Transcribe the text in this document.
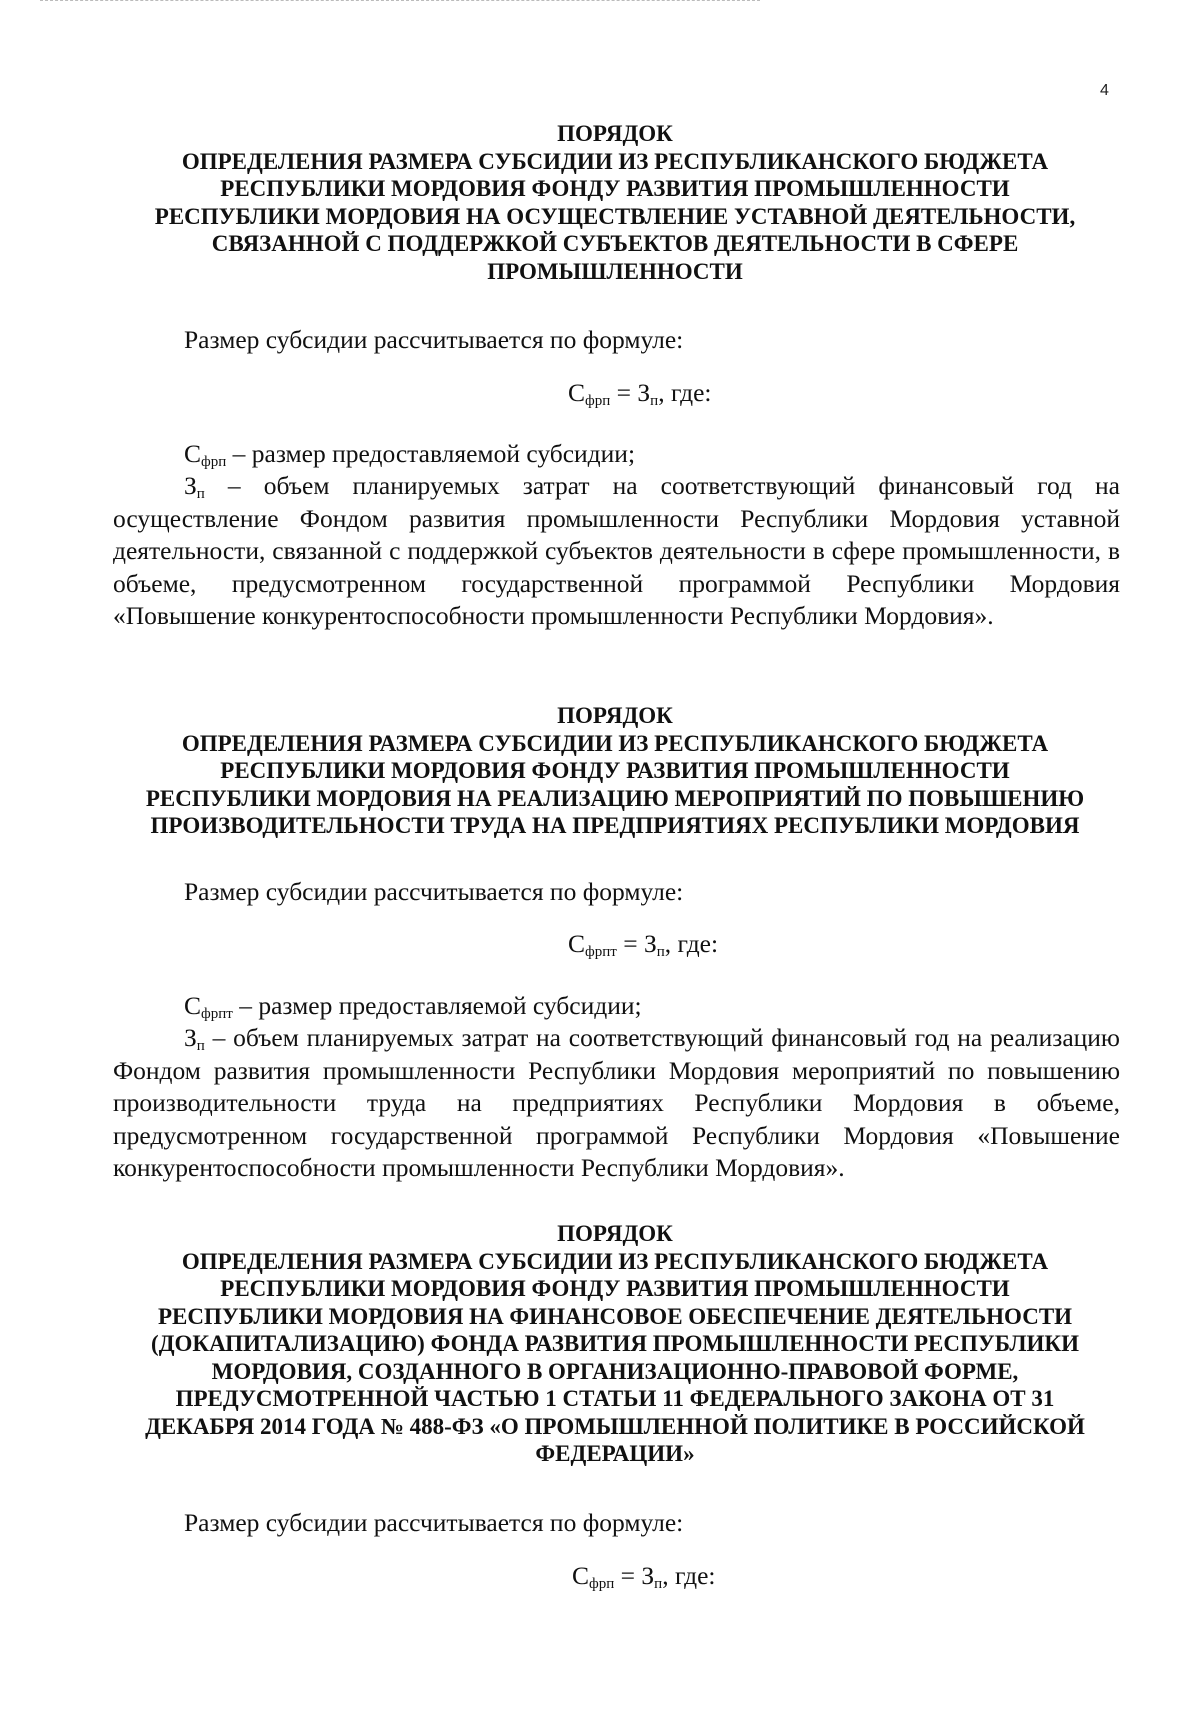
4
ПОРЯДОК
ОПРЕДЕЛЕНИЯ РАЗМЕРА СУБСИДИИ ИЗ РЕСПУБЛИКАНСКОГО БЮДЖЕТА
РЕСПУБЛИКИ МОРДОВИЯ ФОНДУ РАЗВИТИЯ ПРОМЫШЛЕННОСТИ
РЕСПУБЛИКИ МОРДОВИЯ НА ОСУЩЕСТВЛЕНИЕ УСТАВНОЙ ДЕЯТЕЛЬНОСТИ,
СВЯЗАННОЙ С ПОДДЕРЖКОЙ СУБЪЕКТОВ ДЕЯТЕЛЬНОСТИ В СФЕРЕ
ПРОМЫШЛЕННОСТИ

Размер субсидии рассчитывается по формуле:

$С_{фрп} = З_п$, где:

$С_{фрп}$ – размер предоставляемой субсидии;

$З_п$ – объем планируемых затрат на соответствующий финансовый год на осуществление Фондом развития промышленности Республики Мордовия уставной деятельности, связанной с поддержкой субъектов деятельности в сфере промышленности, в объеме, предусмотренном государственной программой Республики Мордовия «Повышение конкурентоспособности промышленности Республики Мордовия».

ПОРЯДОК
ОПРЕДЕЛЕНИЯ РАЗМЕРА СУБСИДИИ ИЗ РЕСПУБЛИКАНСКОГО БЮДЖЕТА
РЕСПУБЛИКИ МОРДОВИЯ ФОНДУ РАЗВИТИЯ ПРОМЫШЛЕННОСТИ
РЕСПУБЛИКИ МОРДОВИЯ НА РЕАЛИЗАЦИЮ МЕРОПРИЯТИЙ ПО ПОВЫШЕНИЮ
ПРОИЗВОДИТЕЛЬНОСТИ ТРУДА НА ПРЕДПРИЯТИЯХ РЕСПУБЛИКИ МОРДОВИЯ

Размер субсидии рассчитывается по формуле:

$С_{фрпт} = З_п$, где:

$С_{фрпт}$ – размер предоставляемой субсидии;

$З_п$ – объем планируемых затрат на соответствующий финансовый год на реализацию Фондом развития промышленности Республики Мордовия мероприятий по повышению производительности труда на предприятиях Республики Мордовия в объеме, предусмотренном государственной программой Республики Мордовия «Повышение конкурентоспособности промышленности Республики Мордовия».

ПОРЯДОК
ОПРЕДЕЛЕНИЯ РАЗМЕРА СУБСИДИИ ИЗ РЕСПУБЛИКАНСКОГО БЮДЖЕТА
РЕСПУБЛИКИ МОРДОВИЯ ФОНДУ РАЗВИТИЯ ПРОМЫШЛЕННОСТИ
РЕСПУБЛИКИ МОРДОВИЯ НА ФИНАНСОВОЕ ОБЕСПЕЧЕНИЕ ДЕЯТЕЛЬНОСТИ
(ДОКАПИТАЛИЗАЦИЮ) ФОНДА РАЗВИТИЯ ПРОМЫШЛЕННОСТИ РЕСПУБЛИКИ
МОРДОВИЯ, СОЗДАННОГО В ОРГАНИЗАЦИОННО-ПРАВОВОЙ ФОРМЕ,
ПРЕДУСМОТРЕННОЙ ЧАСТЬЮ 1 СТАТЬИ 11 ФЕДЕРАЛЬНОГО ЗАКОНА ОТ 31
ДЕКАБРЯ 2014 ГОДА № 488-ФЗ «О ПРОМЫШЛЕННОЙ ПОЛИТИКЕ В РОССИЙСКОЙ
ФЕДЕРАЦИИ»

Размер субсидии рассчитывается по формуле:

$С_{фрп} = З_п$, где:
